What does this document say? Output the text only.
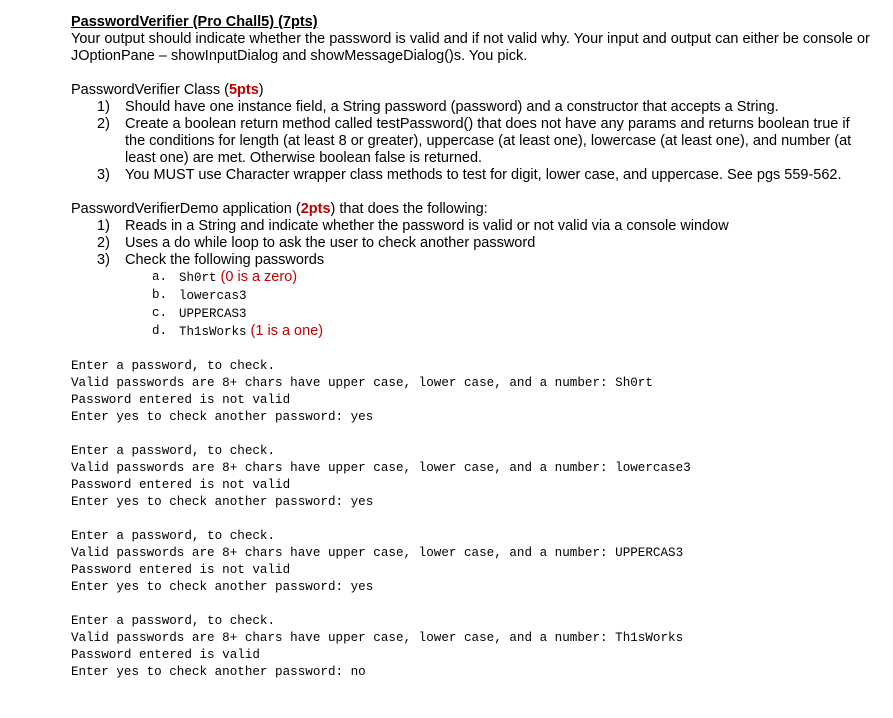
PasswordVerifier (Pro Chall5) (7pts)
Your output should indicate whether the password is valid and if not valid why. Your input and output can either be console or JOptionPane – showInputDialog and showMessageDialog()s. You pick.
PasswordVerifier Class (5pts)
1) Should have one instance field, a String password (password) and a constructor that accepts a String.
2) Create a boolean return method called testPassword() that does not have any params and returns boolean true if the conditions for length (at least 8 or greater), uppercase (at least one), lowercase (at least one), and number (at least one) are met. Otherwise boolean false is returned.
3) You MUST use Character wrapper class methods to test for digit, lower case, and uppercase. See pgs 559-562.
PasswordVerifierDemo application (2pts) that does the following:
1) Reads in a String and indicate whether the password is valid or not valid via a console window
2) Uses a do while loop to ask the user to check another password
3) Check the following passwords
a. Sh0rt (0 is a zero)
b. lowercas3
c. UPPERCAS3
d. Th1sWorks (1 is a one)
Enter a password, to check.
Valid passwords are 8+ chars have upper case, lower case, and a number: Sh0rt
Password entered is not valid
Enter yes to check another password: yes
Enter a password, to check.
Valid passwords are 8+ chars have upper case, lower case, and a number: lowercase3
Password entered is not valid
Enter yes to check another password: yes
Enter a password, to check.
Valid passwords are 8+ chars have upper case, lower case, and a number: UPPERCAS3
Password entered is not valid
Enter yes to check another password: yes
Enter a password, to check.
Valid passwords are 8+ chars have upper case, lower case, and a number: Th1sWorks
Password entered is valid
Enter yes to check another password: no
